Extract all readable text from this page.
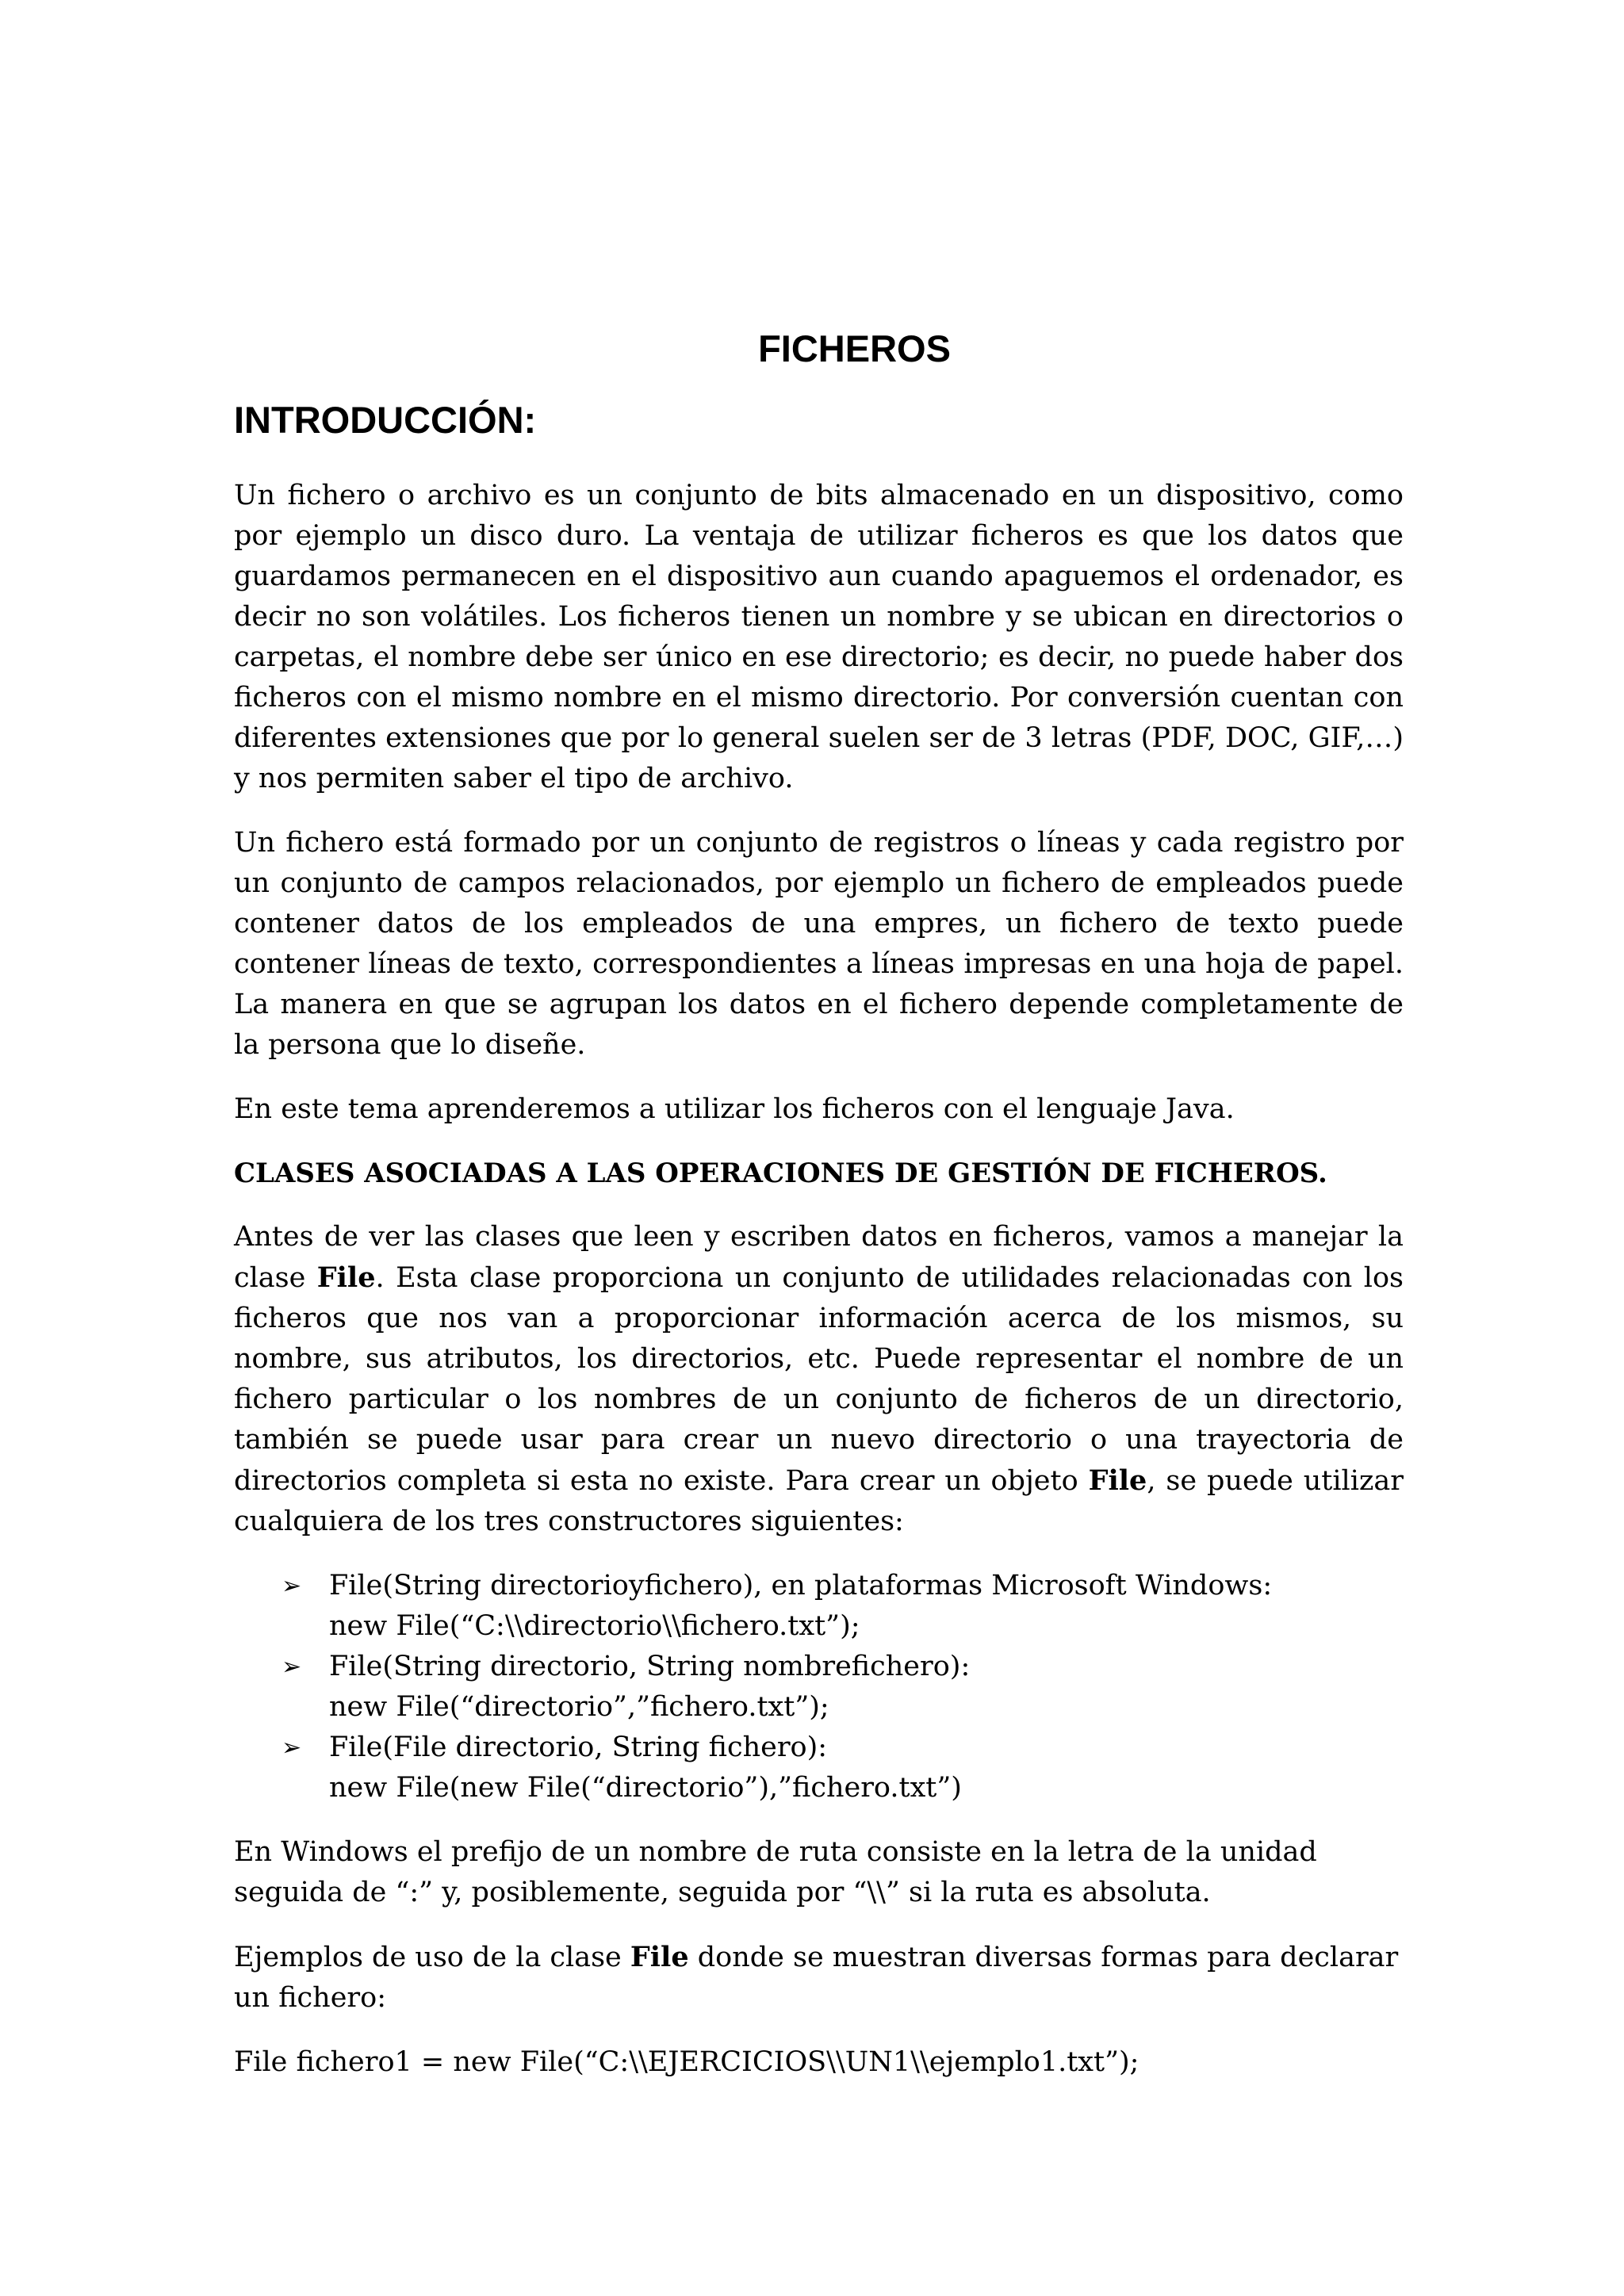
FICHEROS
INTRODUCCIÓN:

Un fichero o archivo es un conjunto de bits almacenado en un dispositivo, como por ejemplo un disco duro. La ventaja de utilizar ficheros es que los datos que guardamos permanecen en el dispositivo aun cuando apaguemos el ordenador, es decir no son volátiles. Los ficheros tienen un nombre y se ubican en directorios o carpetas, el nombre debe ser único en ese directorio; es decir, no puede haber dos ficheros con el mismo nombre en el mismo directorio. Por conversión cuentan con diferentes extensiones que por lo general suelen ser de 3 letras (PDF, DOC, GIF,…) y nos permiten saber el tipo de archivo.

Un fichero está formado por un conjunto de registros o líneas y cada registro por un conjunto de campos relacionados, por ejemplo un fichero de empleados puede contener datos de los empleados de una empres, un fichero de texto puede contener líneas de texto, correspondientes a líneas impresas en una hoja de papel. La manera en que se agrupan los datos en el fichero depende completamente de la persona que lo diseñe.

En este tema aprenderemos a utilizar los ficheros con el lenguaje Java.

CLASES ASOCIADAS A LAS OPERACIONES DE GESTIÓN DE FICHEROS.

Antes de ver las clases que leen y escriben datos en ficheros, vamos a manejar la clase File. Esta clase proporciona un conjunto de utilidades relacionadas con los ficheros que nos van a proporcionar información acerca de los mismos, su nombre, sus atributos, los directorios, etc. Puede representar el nombre de un fichero particular o los nombres de un conjunto de ficheros de un directorio, también se puede usar para crear un nuevo directorio o una trayectoria de directorios completa si esta no existe. Para crear un objeto File, se puede utilizar cualquiera de los tres constructores siguientes:

➢ File(String directorioyfichero), en plataformas Microsoft Windows:
new File(“C:\\directorio\\fichero.txt”);
➢ File(String directorio, String nombrefichero):
new File(“directorio”,”fichero.txt”);
➢ File(File directorio, String fichero):
new File(new File(“directorio”),”fichero.txt”)

En Windows el prefijo de un nombre de ruta consiste en la letra de la unidad seguida de “:” y, posiblemente, seguida por “\\” si la ruta es absoluta.

Ejemplos de uso de la clase File donde se muestran diversas formas para declarar un fichero:

File fichero1 = new File(“C:\\EJERCICIOS\\UN1\\ejemplo1.txt”);
